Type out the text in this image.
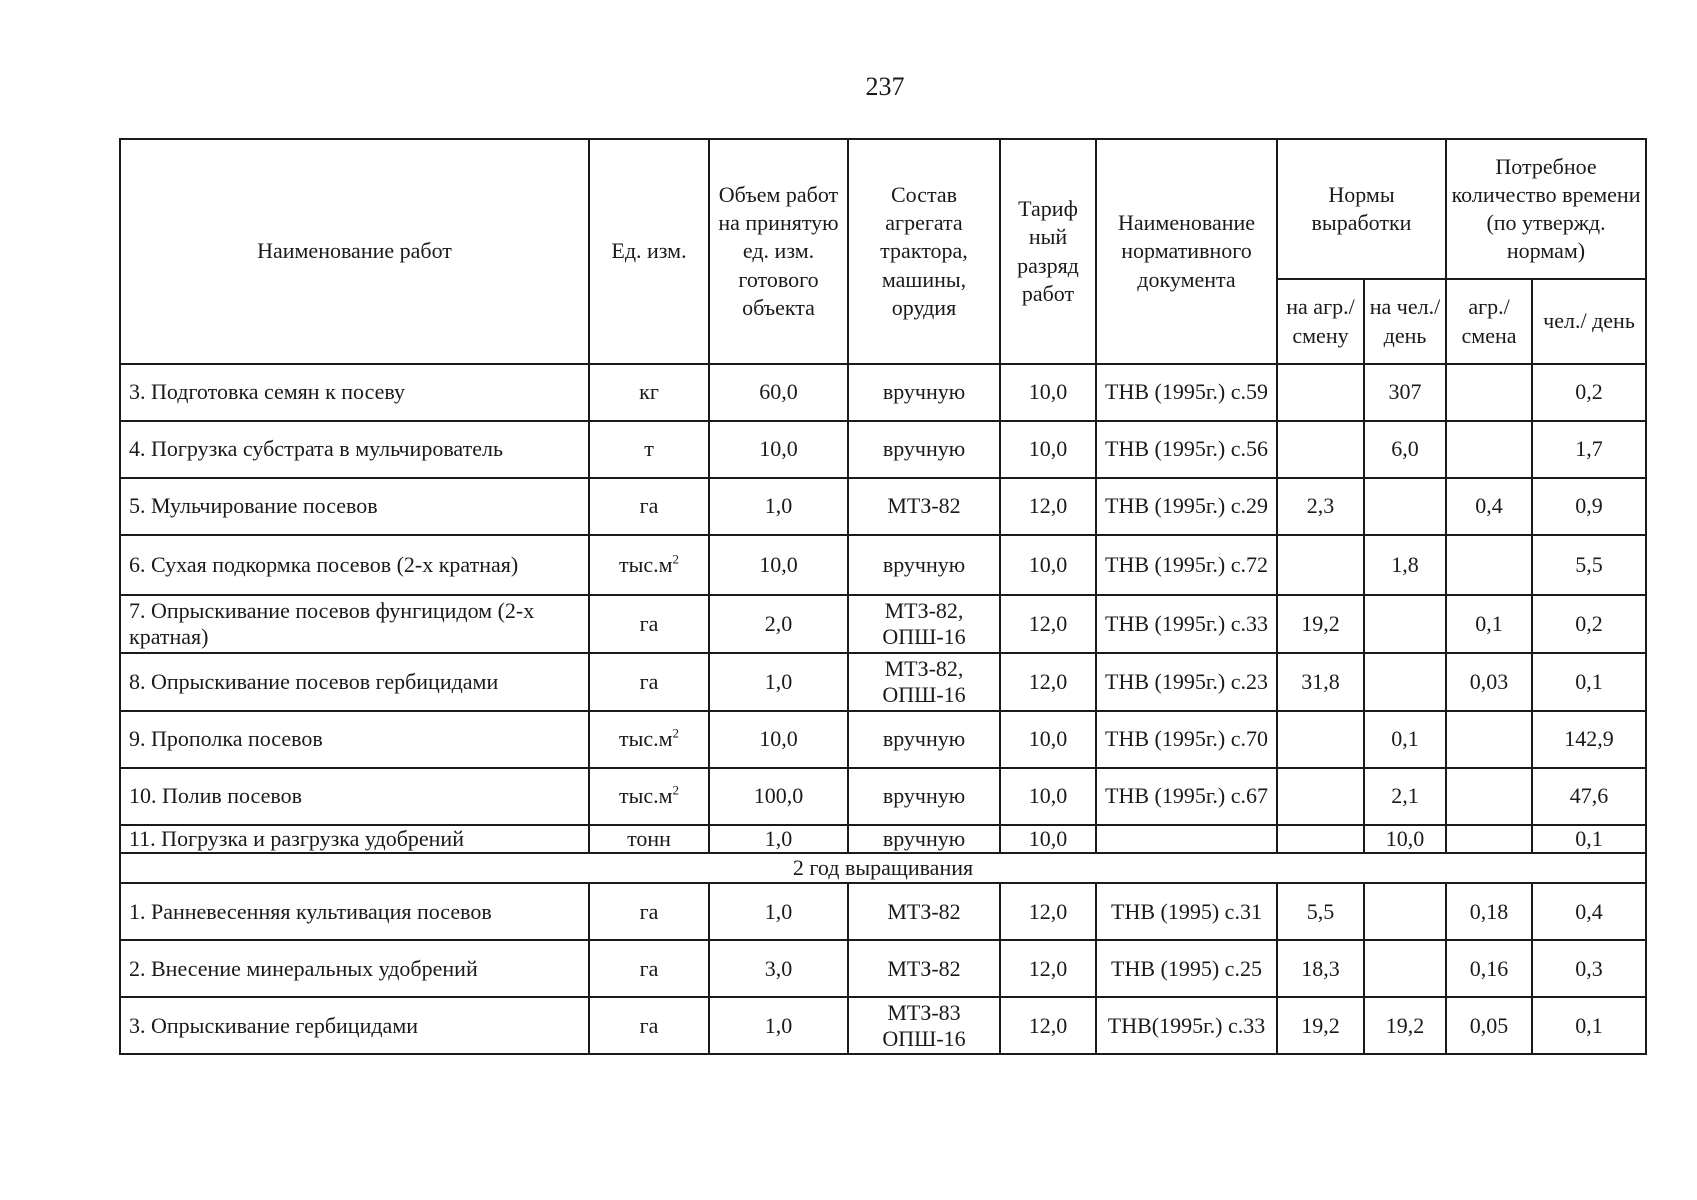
237
Наименование работ	Ед. изм.	Объем работ на принятую ед. изм. готового объекта	Состав агрегата трактора, машины, орудия	Тариф ный разряд работ	Наименование нормативного документа	Нормы выработки		Потребное количество времени (по утвержд. нормам)	
						на агр./ смену	на чел./ день	агр./ смена	чел./ день
3. Подготовка семян к посеву	кг	60,0	вручную	10,0	ТНВ (1995г.) с.59		307		0,2
4. Погрузка субстрата в мульчирователь	т	10,0	вручную	10,0	ТНВ (1995г.) с.56		6,0		1,7
5. Мульчирование посевов	га	1,0	МТЗ-82	12,0	ТНВ (1995г.) с.29	2,3		0,4	0,9
6. Сухая подкормка посевов (2-х кратная)	$тыс.м^2$	10,0	вручную	10,0	ТНВ (1995г.) с.72		1,8		5,5
7. Опрыскивание посевов фунгицидом (2-х кратная)	га	2,0	МТЗ-82, ОПШ-16	12,0	ТНВ (1995г.) с.33	19,2		0,1	0,2
8. Опрыскивание посевов гербицидами	га	1,0	МТЗ-82, ОПШ-16	12,0	ТНВ (1995г.) с.23	31,8		0,03	0,1
9. Прополка посевов	$тыс.м^2$	10,0	вручную	10,0	ТНВ (1995г.) с.70		0,1		142,9
10. Полив посевов	$тыс.м^2$	100,0	вручную	10,0	ТНВ (1995г.) с.67		2,1		47,6
11. Погрузка и разгрузка удобрений	тонн	1,0	вручную	10,0			10,0		0,1
2 год выращивания									
1. Ранневесенняя культивация посевов	га	1,0	МТЗ-82	12,0	ТНВ (1995) с.31	5,5		0,18	0,4
2. Внесение минеральных удобрений	га	3,0	МТЗ-82	12,0	ТНВ (1995) с.25	18,3		0,16	0,3
3. Опрыскивание гербицидами	га	1,0	МТЗ-83 ОПШ-16	12,0	ТНВ(1995г.) с.33	19,2	19,2	0,05	0,1
